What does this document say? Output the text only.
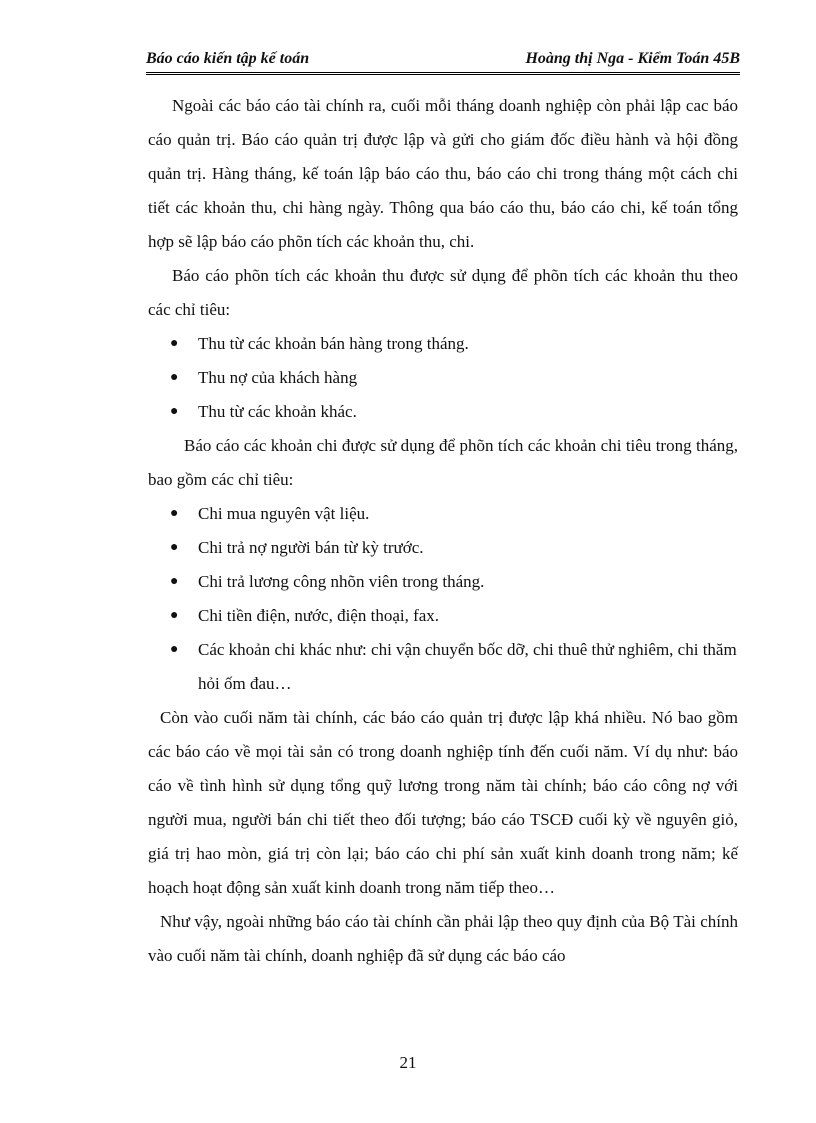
Báo cáo kiến tập kế toán	Hoàng thị Nga - Kiểm Toán 45B

Ngoài các báo cáo tài chính ra, cuối mỗi tháng doanh nghiệp còn phải lập cac báo cáo quản trị. Báo cáo quản trị được lập và gửi cho giám đốc điều hành và hội đồng quản trị. Hàng tháng, kế toán lập báo cáo thu, báo cáo chi trong tháng một cách chi tiết các khoản thu, chi hàng ngày. Thông qua báo cáo thu, báo cáo chi, kế toán tổng hợp sẽ lập báo cáo phõn tích các khoản thu, chi.

Báo cáo phõn tích các khoản thu được sử dụng để phõn tích các khoản thu theo các chỉ tiêu:

● Thu từ các khoản bán hàng trong tháng.
● Thu nợ của khách hàng
● Thu từ các khoản khác.

Báo cáo các khoản chi được sử dụng để phõn tích các khoản chi tiêu trong tháng, bao gồm các chỉ tiêu:

● Chi mua nguyên vật liệu.
● Chi trả nợ người bán từ kỳ trước.
● Chi trả lương công nhõn viên trong tháng.
● Chi tiền điện, nước, điện thoại, fax.
● Các khoản chi khác như: chi vận chuyển bốc dỡ, chi thuê thử nghiêm, chi thăm hỏi ốm đau…

Còn vào cuối năm tài chính, các báo cáo quản trị được lập khá nhiều. Nó bao gồm các báo cáo về mọi tài sản có trong doanh nghiệp tính đến cuối năm. Ví dụ như: báo cáo về tình hình sử dụng tổng quỹ lương trong năm tài chính; báo cáo công nợ với người mua, người bán chi tiết theo đối tượng; báo cáo TSCĐ cuối kỳ về nguyên giỏ, giá trị hao mòn, giá trị còn lại; báo cáo chi phí sản xuất kinh doanh trong năm; kế hoạch hoạt động sản xuất kinh doanh trong năm tiếp theo…

Như vậy, ngoài những báo cáo tài chính cần phải lập theo quy định của Bộ Tài chính vào cuối năm tài chính, doanh nghiệp đã sử dụng các báo cáo

21
